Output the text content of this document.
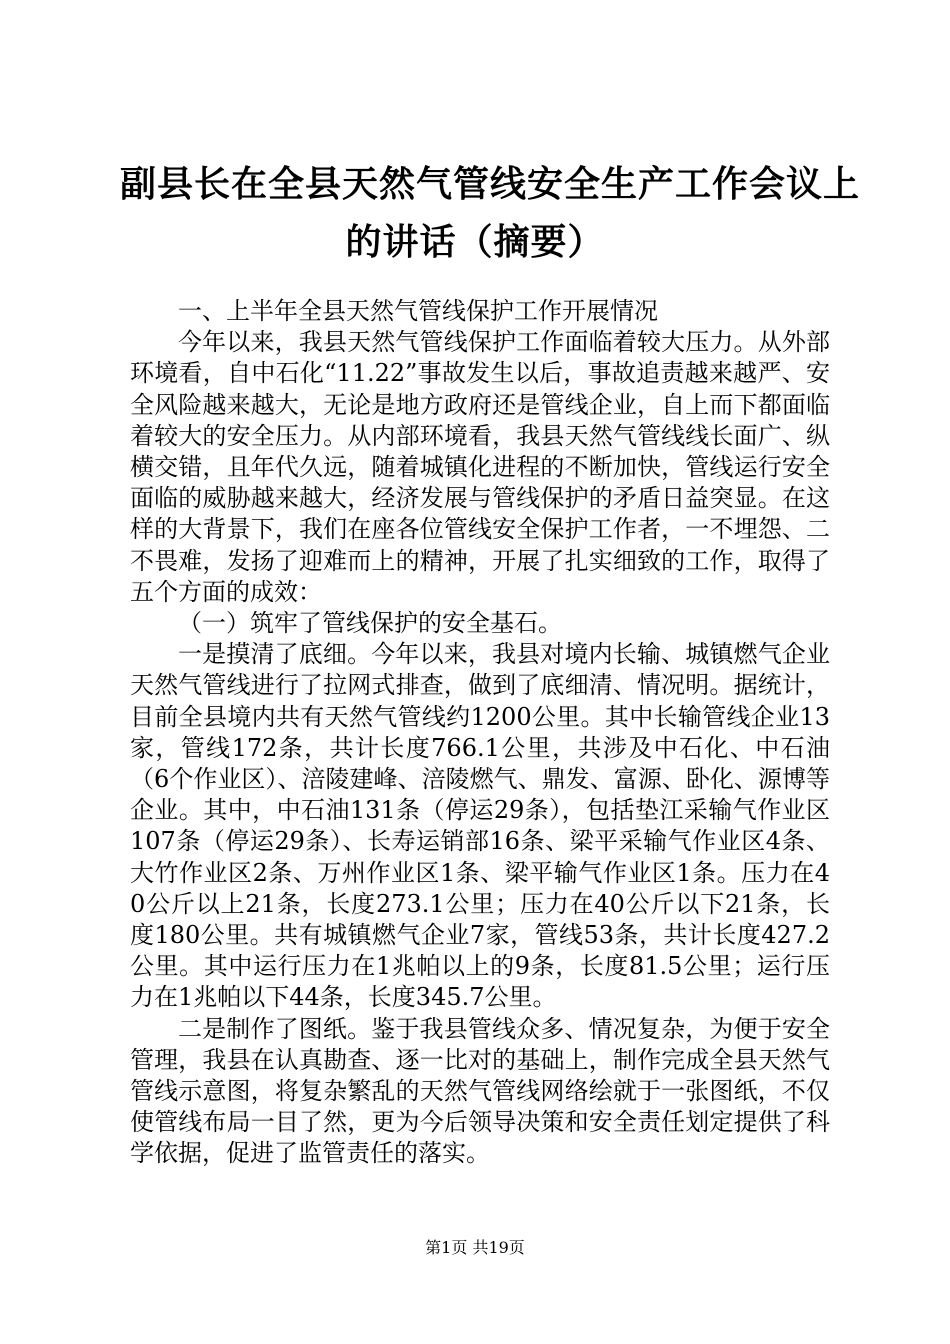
副县长在全县天然气管线安全生产工作会议上
的讲话（摘要）

一、上半年全县天然气管线保护工作开展情况

今年以来，我县天然气管线保护工作面临着较大压力。从外部环境看，自中石化“11.22”事故发生以后，事故追责越来越严、安全风险越来越大，无论是地方政府还是管线企业，自上而下都面临着较大的安全压力。从内部环境看，我县天然气管线线长面广、纵横交错，且年代久远，随着城镇化进程的不断加快，管线运行安全面临的威胁越来越大，经济发展与管线保护的矛盾日益突显。在这样的大背景下，我们在座各位管线安全保护工作者，一不埋怨、二不畏难，发扬了迎难而上的精神，开展了扎实细致的工作，取得了五个方面的成效：

（一）筑牢了管线保护的安全基石。

一是摸清了底细。今年以来，我县对境内长输、城镇燃气企业天然气管线进行了拉网式排查，做到了底细清、情况明。据统计，目前全县境内共有天然气管线约1200公里。其中长输管线企业13家，管线172条，共计长度766.1公里，共涉及中石化、中石油（6个作业区）、涪陵建峰、涪陵燃气、鼎发、富源、卧化、源博等企业。其中，中石油131条（停运29条），包括垫江采输气作业区107条（停运29条）、长寿运销部16条、梁平采输气作业区4条、大竹作业区2条、万州作业区1条、梁平输气作业区1条。压力在40公斤以上21条，长度273.1公里；压力在40公斤以下21条，长度180公里。共有城镇燃气企业7家，管线53条，共计长度427.2公里。其中运行压力在1兆帕以上的9条，长度81.5公里；运行压力在1兆帕以下44条，长度345.7公里。

二是制作了图纸。鉴于我县管线众多、情况复杂，为便于安全管理，我县在认真勘查、逐一比对的基础上，制作完成全县天然气管线示意图，将复杂繁乱的天然气管线网络绘就于一张图纸，不仅使管线布局一目了然，更为今后领导决策和安全责任划定提供了科学依据，促进了监管责任的落实。

第1页 共19页
